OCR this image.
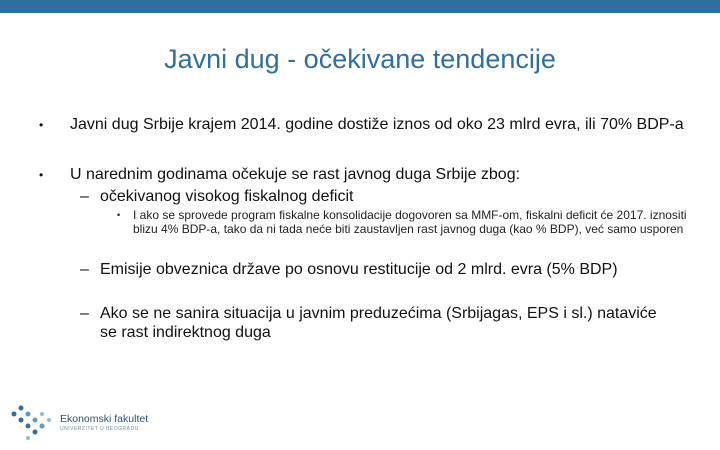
Javni dug - očekivane tendencije
• Javni dug Srbije krajem 2014. godine dostiže iznos od oko 23 mlrd evra, ili 70% BDP-a
• U narednim godinama očekuje se rast javnog duga Srbije zbog:
– očekivanog visokog fiskalnog deficit
• I ako se sprovede program fiskalne konsolidacije dogovoren sa MMF-om, fiskalni deficit će 2017. iznositi blizu 4% BDP-a, tako da ni tada neće biti zaustavljen rast javnog duga (kao % BDP), već samo usporen
– Emisije obveznica države po osnovu restitucije od 2 mlrd. evra (5% BDP)
– Ako se ne sanira situacija u javnim preduzećima (Srbijagas, EPS i sl.) nataviće se rast indirektnog duga
Ekonomski fakultet
UNIVERZITET U BEOGRADU
